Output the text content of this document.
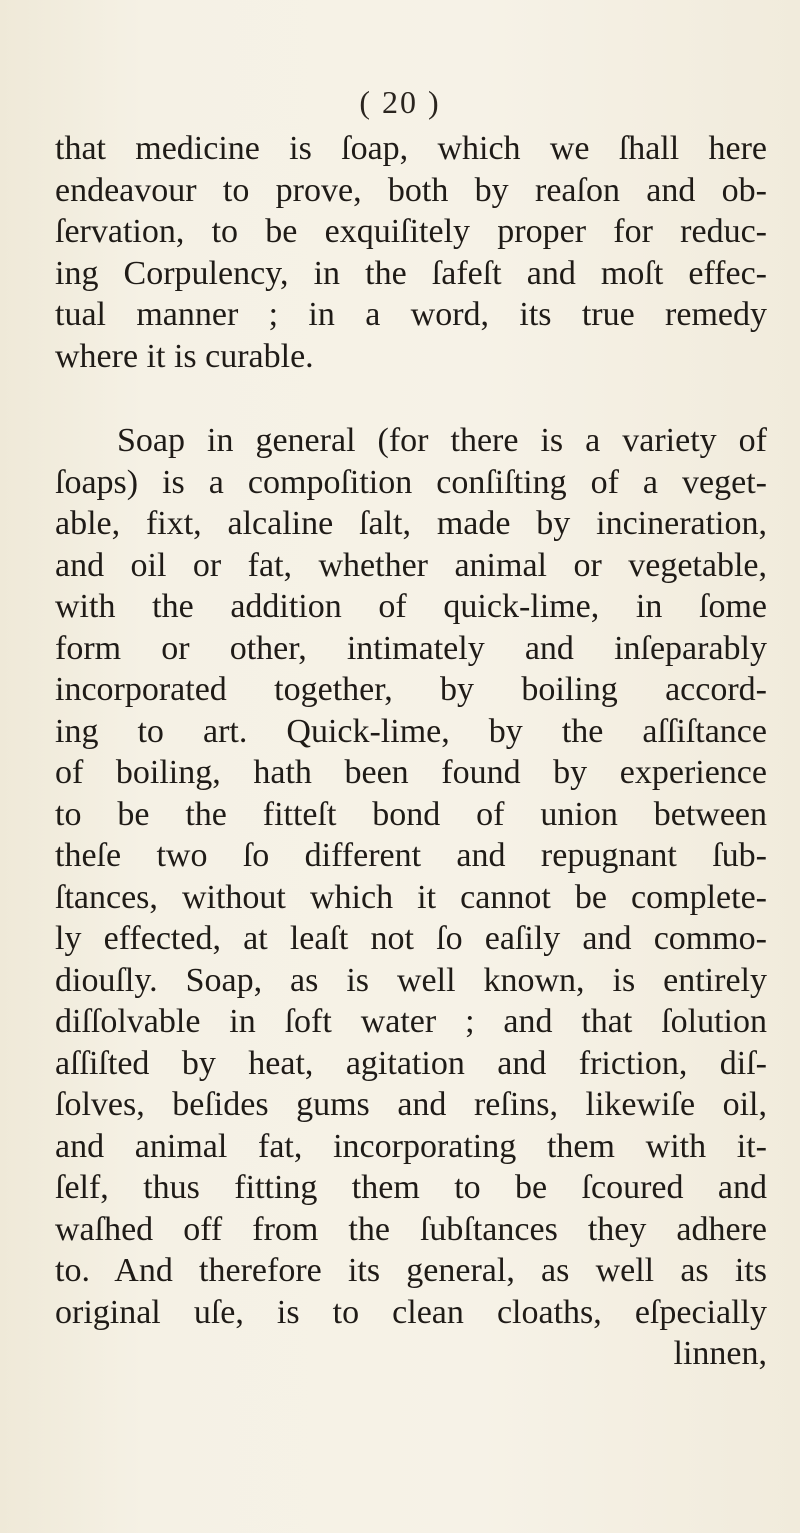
( 20 )
that medicine is ſoap, which we ſhall here
endeavour to prove, both by reaſon and ob-
ſervation, to be exquiſitely proper for reduc-
ing Corpulency, in the ſafeſt and moſt effec-
tual manner ; in a word, its true remedy
where it is curable.
Soap in general (for there is a variety of
ſoaps) is a compoſition conſiſting of a veget-
able, fixt, alcaline ſalt, made by incineration,
and oil or fat, whether animal or vegetable,
with the addition of quick-lime, in ſome
form or other, intimately and inſeparably
incorporated together, by boiling accord-
ing to art. Quick-lime, by the aſſiſtance
of boiling, hath been found by experience
to be the fitteſt bond of union between
theſe two ſo different and repugnant ſub-
ſtances, without which it cannot be complete-
ly effected, at leaſt not ſo eaſily and commo-
diouſly. Soap, as is well known, is entirely
diſſolvable in ſoft water ; and that ſolution
aſſiſted by heat, agitation and friction, diſ-
ſolves, beſides gums and reſins, likewiſe oil,
and animal fat, incorporating them with it-
ſelf, thus fitting them to be ſcoured and
waſhed off from the ſubſtances they adhere
to. And therefore its general, as well as its
original uſe, is to clean cloaths, eſpecially
linnen,
